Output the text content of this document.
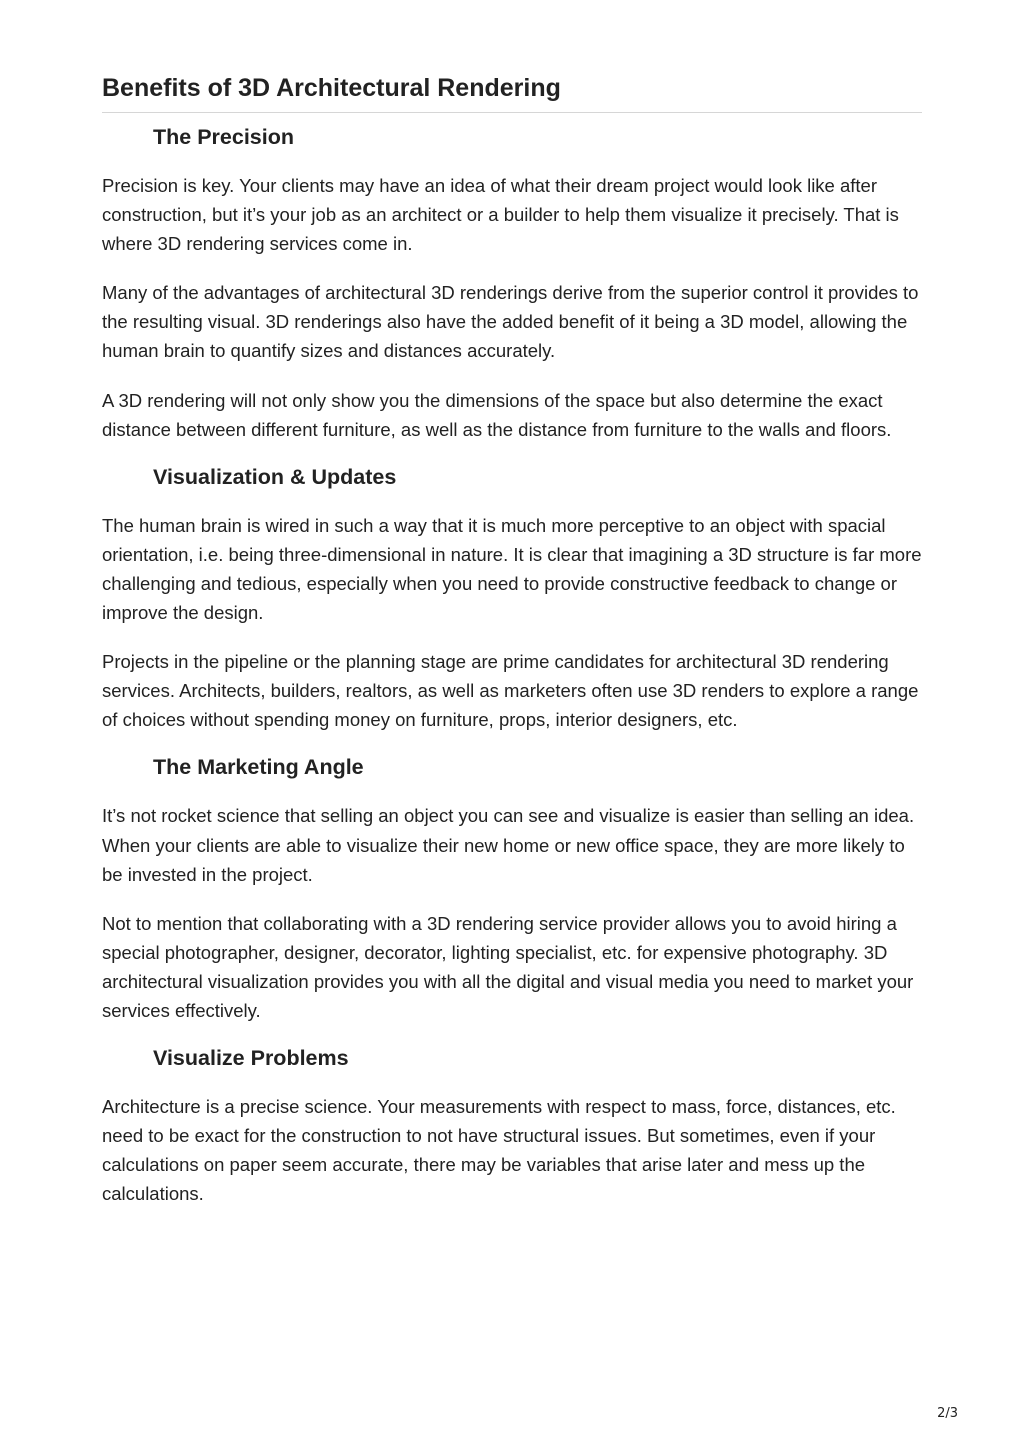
Benefits of 3D Architectural Rendering
The Precision

Precision is key. Your clients may have an idea of what their dream project would look like after construction, but it’s your job as an architect or a builder to help them visualize it precisely. That is where 3D rendering services come in.

Many of the advantages of architectural 3D renderings derive from the superior control it provides to the resulting visual. 3D renderings also have the added benefit of it being a 3D model, allowing the human brain to quantify sizes and distances accurately.

A 3D rendering will not only show you the dimensions of the space but also determine the exact distance between different furniture, as well as the distance from furniture to the walls and floors.

Visualization & Updates

The human brain is wired in such a way that it is much more perceptive to an object with spacial orientation, i.e. being three-dimensional in nature. It is clear that imagining a 3D structure is far more challenging and tedious, especially when you need to provide constructive feedback to change or improve the design.

Projects in the pipeline or the planning stage are prime candidates for architectural 3D rendering services. Architects, builders, realtors, as well as marketers often use 3D renders to explore a range of choices without spending money on furniture, props, interior designers, etc.

The Marketing Angle

It’s not rocket science that selling an object you can see and visualize is easier than selling an idea. When your clients are able to visualize their new home or new office space, they are more likely to be invested in the project.

Not to mention that collaborating with a 3D rendering service provider allows you to avoid hiring a special photographer, designer, decorator, lighting specialist, etc. for expensive photography. 3D architectural visualization provides you with all the digital and visual media you need to market your services effectively.

Visualize Problems

Architecture is a precise science. Your measurements with respect to mass, force, distances, etc. need to be exact for the construction to not have structural issues. But sometimes, even if your calculations on paper seem accurate, there may be variables that arise later and mess up the calculations.

2/3
